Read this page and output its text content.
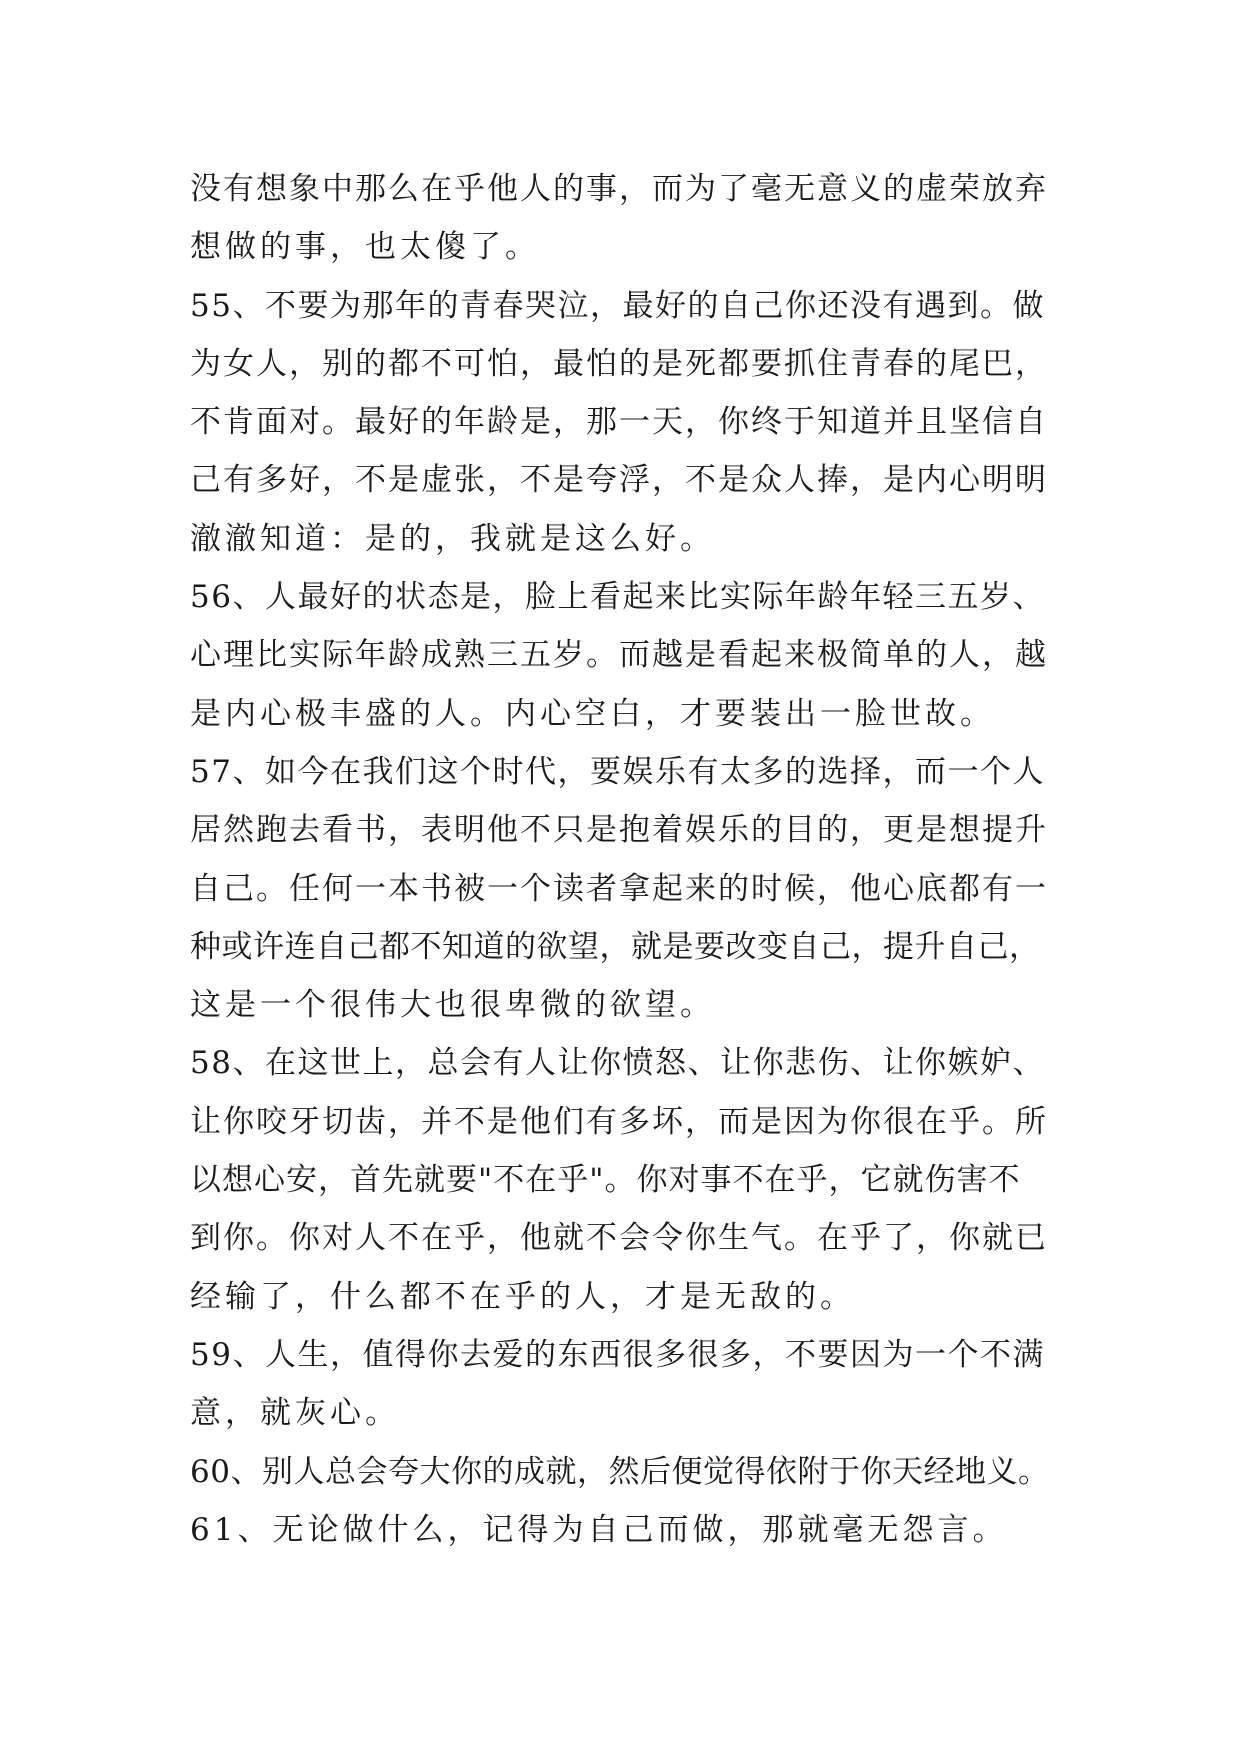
没有想象中那么在乎他人的事，而为了毫无意义的虚荣放弃
想做的事，也太傻了。
55、不要为那年的青春哭泣，最好的自己你还没有遇到。做
为女人，别的都不可怕，最怕的是死都要抓住青春的尾巴，
不肯面对。最好的年龄是，那一天，你终于知道并且坚信自
己有多好，不是虚张，不是夸浮，不是众人捧，是内心明明
澈澈知道：是的，我就是这么好。
56、人最好的状态是，脸上看起来比实际年龄年轻三五岁、
心理比实际年龄成熟三五岁。而越是看起来极简单的人，越
是内心极丰盛的人。内心空白，才要装出一脸世故。
57、如今在我们这个时代，要娱乐有太多的选择，而一个人
居然跑去看书，表明他不只是抱着娱乐的目的，更是想提升
自己。任何一本书被一个读者拿起来的时候，他心底都有一
种或许连自己都不知道的欲望，就是要改变自己，提升自己，
这是一个很伟大也很卑微的欲望。
58、在这世上，总会有人让你愤怒、让你悲伤、让你嫉妒、
让你咬牙切齿，并不是他们有多坏，而是因为你很在乎。所
以想心安，首先就要"不在乎"。你对事不在乎，它就伤害不
到你。你对人不在乎，他就不会令你生气。在乎了，你就已
经输了，什么都不在乎的人，才是无敌的。
59、人生，值得你去爱的东西很多很多，不要因为一个不满
意，就灰心。
60、别人总会夸大你的成就，然后便觉得依附于你天经地义。
61、无论做什么，记得为自己而做，那就毫无怨言。
